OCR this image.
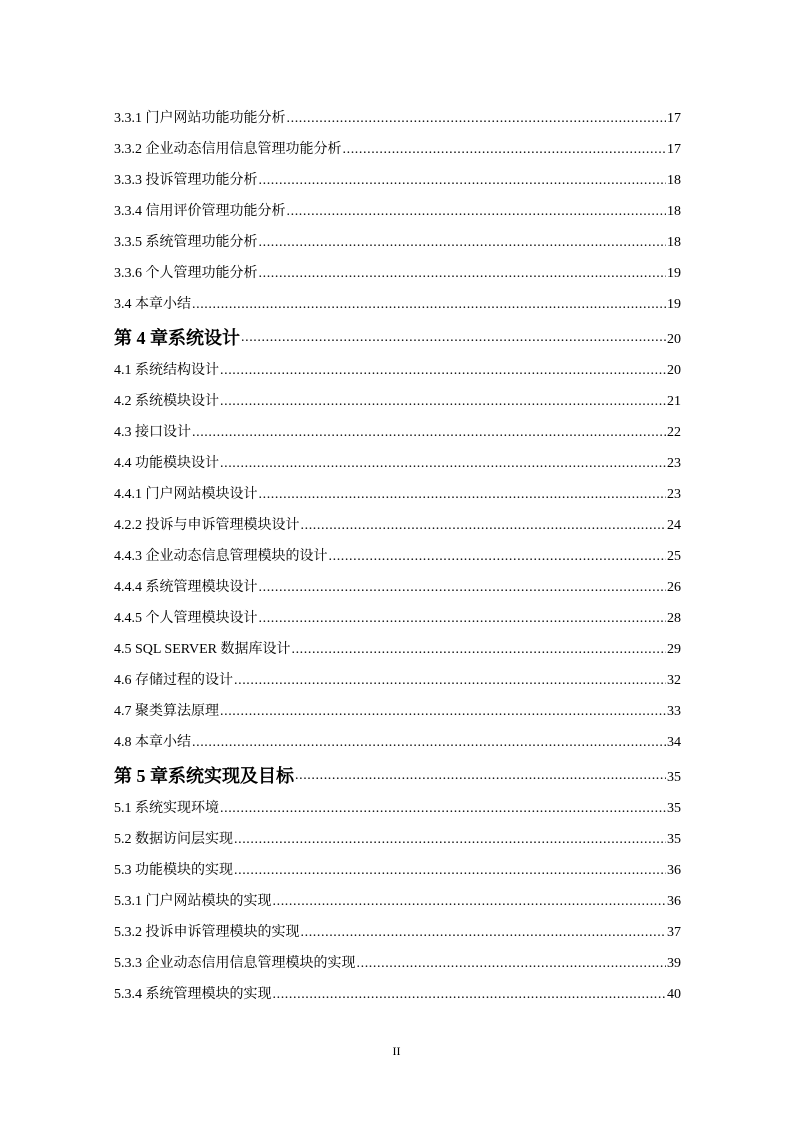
3.3.1 门户网站功能功能分析 .....	17
3.3.2 企业动态信用信息管理功能分析 .....	17
3.3.3 投诉管理功能分析 .....	18
3.3.4 信用评价管理功能分析 .....	18
3.3.5 系统管理功能分析 .....	18
3.3.6 个人管理功能分析 .....	19
3.4 本章小结 .....	19
第 4 章系统设计 .....	20
4.1 系统结构设计 .....	20
4.2 系统模块设计 .....	21
4.3 接口设计 .....	22
4.4 功能模块设计 .....	23
4.4.1 门户网站模块设计 .....	23
4.2.2 投诉与申诉管理模块设计 .....	24
4.4.3 企业动态信息管理模块的设计 .....	25
4.4.4 系统管理模块设计 .....	26
4.4.5 个人管理模块设计 .....	28
4.5 SQL SERVER 数据库设计 .....	29
4.6 存储过程的设计 .....	32
4.7 聚类算法原理 .....	33
4.8 本章小结 .....	34
第 5 章系统实现及目标 .....	35
5.1 系统实现环境 .....	35
5.2 数据访问层实现 .....	35
5.3 功能模块的实现 .....	36
5.3.1 门户网站模块的实现 .....	36
5.3.2 投诉申诉管理模块的实现 .....	37
5.3.3 企业动态信用信息管理模块的实现 .....	39
5.3.4 系统管理模块的实现 .....	40
II
